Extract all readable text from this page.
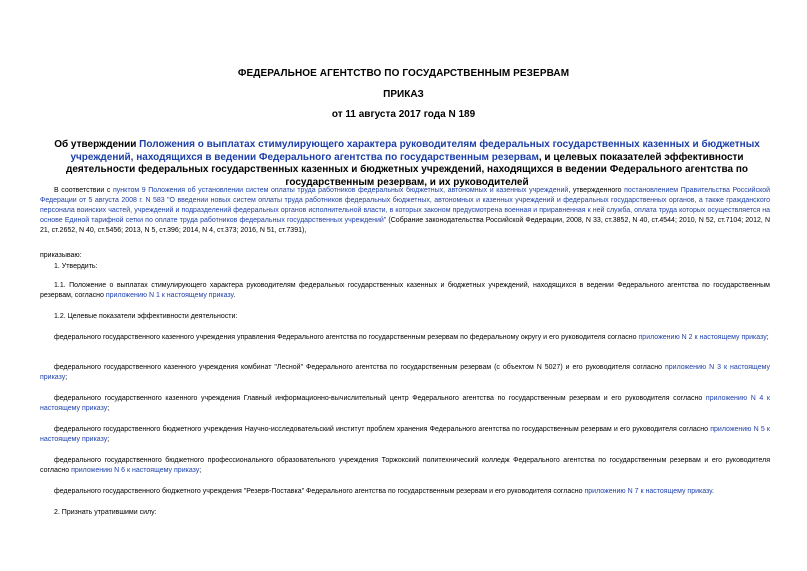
ФЕДЕРАЛЬНОЕ АГЕНТСТВО ПО ГОСУДАРСТВЕННЫМ РЕЗЕРВАМ
ПРИКАЗ
от 11 августа 2017 года N 189
Об утверждении Положения о выплатах стимулирующего характера руководителям федеральных государственных казенных и бюджетных учреждений, находящихся в ведении Федерального агентства по государственным резервам, и целевых показателей эффективности деятельности федеральных государственных казенных и бюджетных учреждений, находящихся в ведении Федерального агентства по государственным резервам, и их руководителей
В соответствии с пунктом 9 Положения об установлении систем оплаты труда работников федеральных бюджетных, автономных и казенных учреждений, утвержденного постановлением Правительства Российской Федерации от 5 августа 2008 г. N 583 "О введении новых систем оплаты труда работников федеральных бюджетных, автономных и казенных учреждений и федеральных государственных органов, а также гражданского персонала воинских частей, учреждений и подразделений федеральных органов исполнительной власти, в которых законом предусмотрена военная и приравненная к ней служба, оплата труда которых осуществляется на основе Единой тарифной сетки по оплате труда работников федеральных государственных учреждений" (Собрание законодательства Российской Федерации, 2008, N 33, ст.3852, N 40, ст.4544; 2010, N 52, ст.7104; 2012, N 21, ст.2652, N 40, ст.5456; 2013, N 5, ст.396; 2014, N 4, ст.373; 2016, N 51, ст.7391),
приказываю:
1. Утвердить:
1.1. Положение о выплатах стимулирующего характера руководителям федеральных государственных казенных и бюджетных учреждений, находящихся в ведении Федерального агентства по государственным резервам, согласно приложению N 1 к настоящему приказу.
1.2. Целевые показатели эффективности деятельности:
федерального государственного казенного учреждения управления Федерального агентства по государственным резервам по федеральному округу и его руководителя согласно приложению N 2 к настоящему приказу;
федерального государственного казенного учреждения комбинат "Лесной" Федерального агентства по государственным резервам (с объектом N 5027) и его руководителя согласно приложению N 3 к настоящему приказу;
федерального государственного казенного учреждения Главный информационно-вычислительный центр Федерального агентства по государственным резервам и его руководителя согласно приложению N 4 к настоящему приказу;
федерального государственного бюджетного учреждения Научно-исследовательский институт проблем хранения Федерального агентства по государственным резервам и его руководителя согласно приложению N 5 к настоящему приказу;
федерального государственного бюджетного профессионального образовательного учреждения Торжокский политехнический колледж Федерального агентства по государственным резервам и его руководителя согласно приложению N 6 к настоящему приказу;
федерального государственного бюджетного учреждения "Резерв-Поставка" Федерального агентства по государственным резервам и его руководителя согласно приложению N 7 к настоящему приказу.
2. Признать утратившими силу:
